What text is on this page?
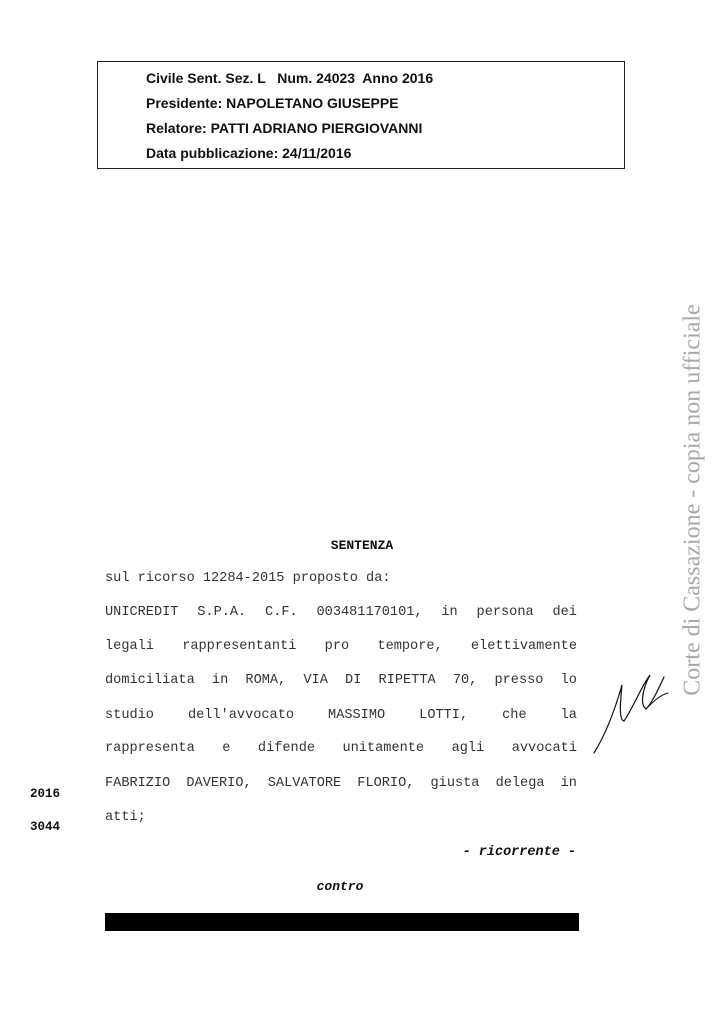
Civile Sent. Sez. L   Num. 24023  Anno 2016
Presidente: NAPOLETANO GIUSEPPE
Relatore: PATTI ADRIANO PIERGIOVANNI
Data pubblicazione: 24/11/2016
Corte di Cassazione - copia non ufficiale
SENTENZA
sul ricorso 12284-2015 proposto da:
UNICREDIT S.P.A. C.F. 003481170101, in persona dei
legali rappresentanti pro tempore, elettivamente
domiciliata in ROMA, VIA DI RIPETTA 70, presso lo
studio	dell'avvocato	MASSIMO	LOTTI,	che	la
rappresenta e difende unitamente agli avvocati
FABRIZIO DAVERIO, SALVATORE FLORIO, giusta delega in
atti;
2016
3044
- ricorrente -
contro
